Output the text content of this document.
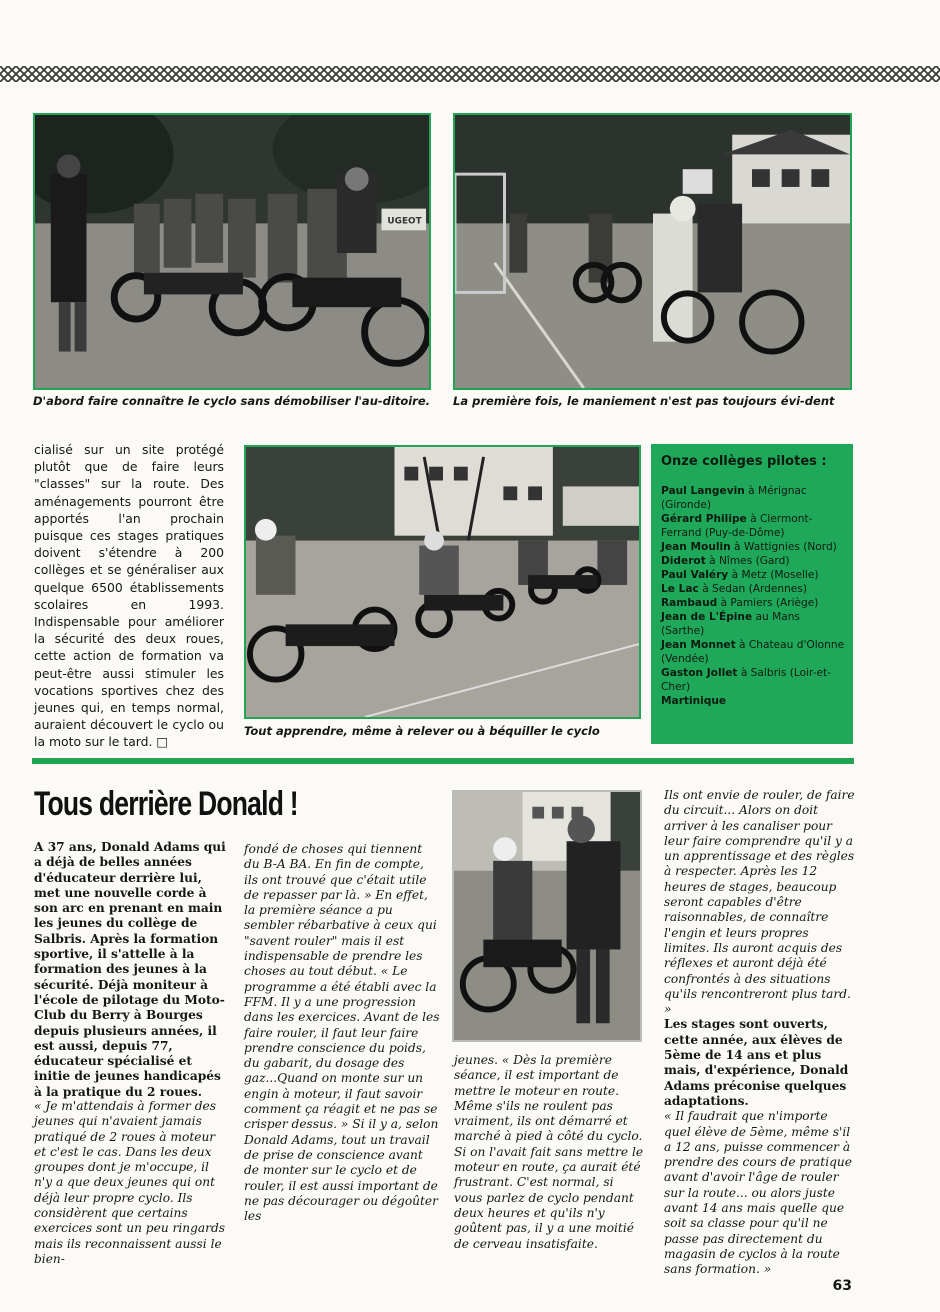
UGEOT
D'abord faire connaître le cyclo sans démobiliser l'au-ditoire.	La première fois, le maniement n'est pas toujours évi-dent
cialisé sur un site protégé plutôt que de faire leurs "classes" sur la route. Des aménagements pourront être apportés l'an prochain puisque ces stages pratiques doivent s'étendre à 200 collèges et se généraliser aux quelque 6500 établissements scolaires en 1993. Indispensable pour améliorer la sécurité des deux roues, cette action de formation va peut-être aussi stimuler les vocations sportives chez des jeunes qui, en temps normal, auraient découvert le cyclo ou la moto sur le tard. □
Tout apprendre, même à relever ou à béquiller le cyclo
Onze collèges pilotes :
Paul Langevin à Mérignac (Gironde)
Gérard Philipe à Clermont-Ferrand (Puy-de-Dôme)
Jean Moulin à Wattignies (Nord)
Diderot à Nîmes (Gard)
Paul Valéry à Metz (Moselle)
Le Lac à Sedan (Ardennes)
Rambaud à Pamiers (Ariège)
Jean de L'Épine au Mans (Sarthe)
Jean Monnet à Chateau d'Olonne (Vendée)
Gaston Jollet à Salbris (Loir-et-Cher)
Martinique
Tous derrière Donald !
A 37 ans, Donald Adams qui a déjà de belles années d'éducateur derrière lui, met une nouvelle corde à son arc en prenant en main les jeunes du collège de Salbris. Après la formation sportive, il s'attelle à la formation des jeunes à la sécurité. Déjà moniteur à l'école de pilotage du Moto-Club du Berry à Bourges depuis plusieurs années, il est aussi, depuis 77, éducateur spécialisé et initie de jeunes handicapés à la pratique du 2 roues.
« Je m'attendais à former des jeunes qui n'avaient jamais pratiqué de 2 roues à moteur et c'est le cas. Dans les deux groupes dont je m'occupe, il n'y a que deux jeunes qui ont déjà leur propre cyclo. Ils considèrent que certains exercices sont un peu ringards mais ils reconnaissent aussi le bien-
fondé de choses qui tiennent du B-A BA. En fin de compte, ils ont trouvé que c'était utile de repasser par là. » En effet, la première séance a pu sembler rébarbative à ceux qui "savent rouler" mais il est indispensable de prendre les choses au tout début. « Le programme a été établi avec la FFM. Il y a une progression dans les exercices. Avant de les faire rouler, il faut leur faire prendre conscience du poids, du gabarit, du dosage des gaz...Quand on monte sur un engin à moteur, il faut savoir comment ça réagit et ne pas se crisper dessus. » Si il y a, selon Donald Adams, tout un travail de prise de conscience avant de monter sur le cyclo et de rouler, il est aussi important de ne pas décourager ou dégoûter les
jeunes. « Dès la première séance, il est important de mettre le moteur en route. Même s'ils ne roulent pas vraiment, ils ont démarré et marché à pied à côté du cyclo. Si on l'avait fait sans mettre le moteur en route, ça aurait été frustrant. C'est normal, si vous parlez de cyclo pendant deux heures et qu'ils n'y goûtent pas, il y a une moitié de cerveau insatisfaite.

Ils ont envie de rouler, de faire du circuit... Alors on doit arriver à les canaliser pour leur faire comprendre qu'il y a un apprentissage et des règles à respecter. Après les 12 heures de stages, beaucoup seront capables d'être raisonnables, de connaître l'engin et leurs propres limites. Ils auront acquis des réflexes et auront déjà été confrontés à des situations qu'ils rencontreront plus tard. »

Les stages sont ouverts, cette année, aux élèves de 5ème de 14 ans et plus mais, d'expérience, Donald Adams préconise quelques adaptations.

« Il faudrait que n'importe quel élève de 5ème, même s'il a 12 ans, puisse commencer à prendre des cours de pratique avant d'avoir l'âge de rouler sur la route... ou alors juste avant 14 ans mais quelle que soit sa classe pour qu'il ne passe pas directement du magasin de cyclos à la route sans formation. »

63
